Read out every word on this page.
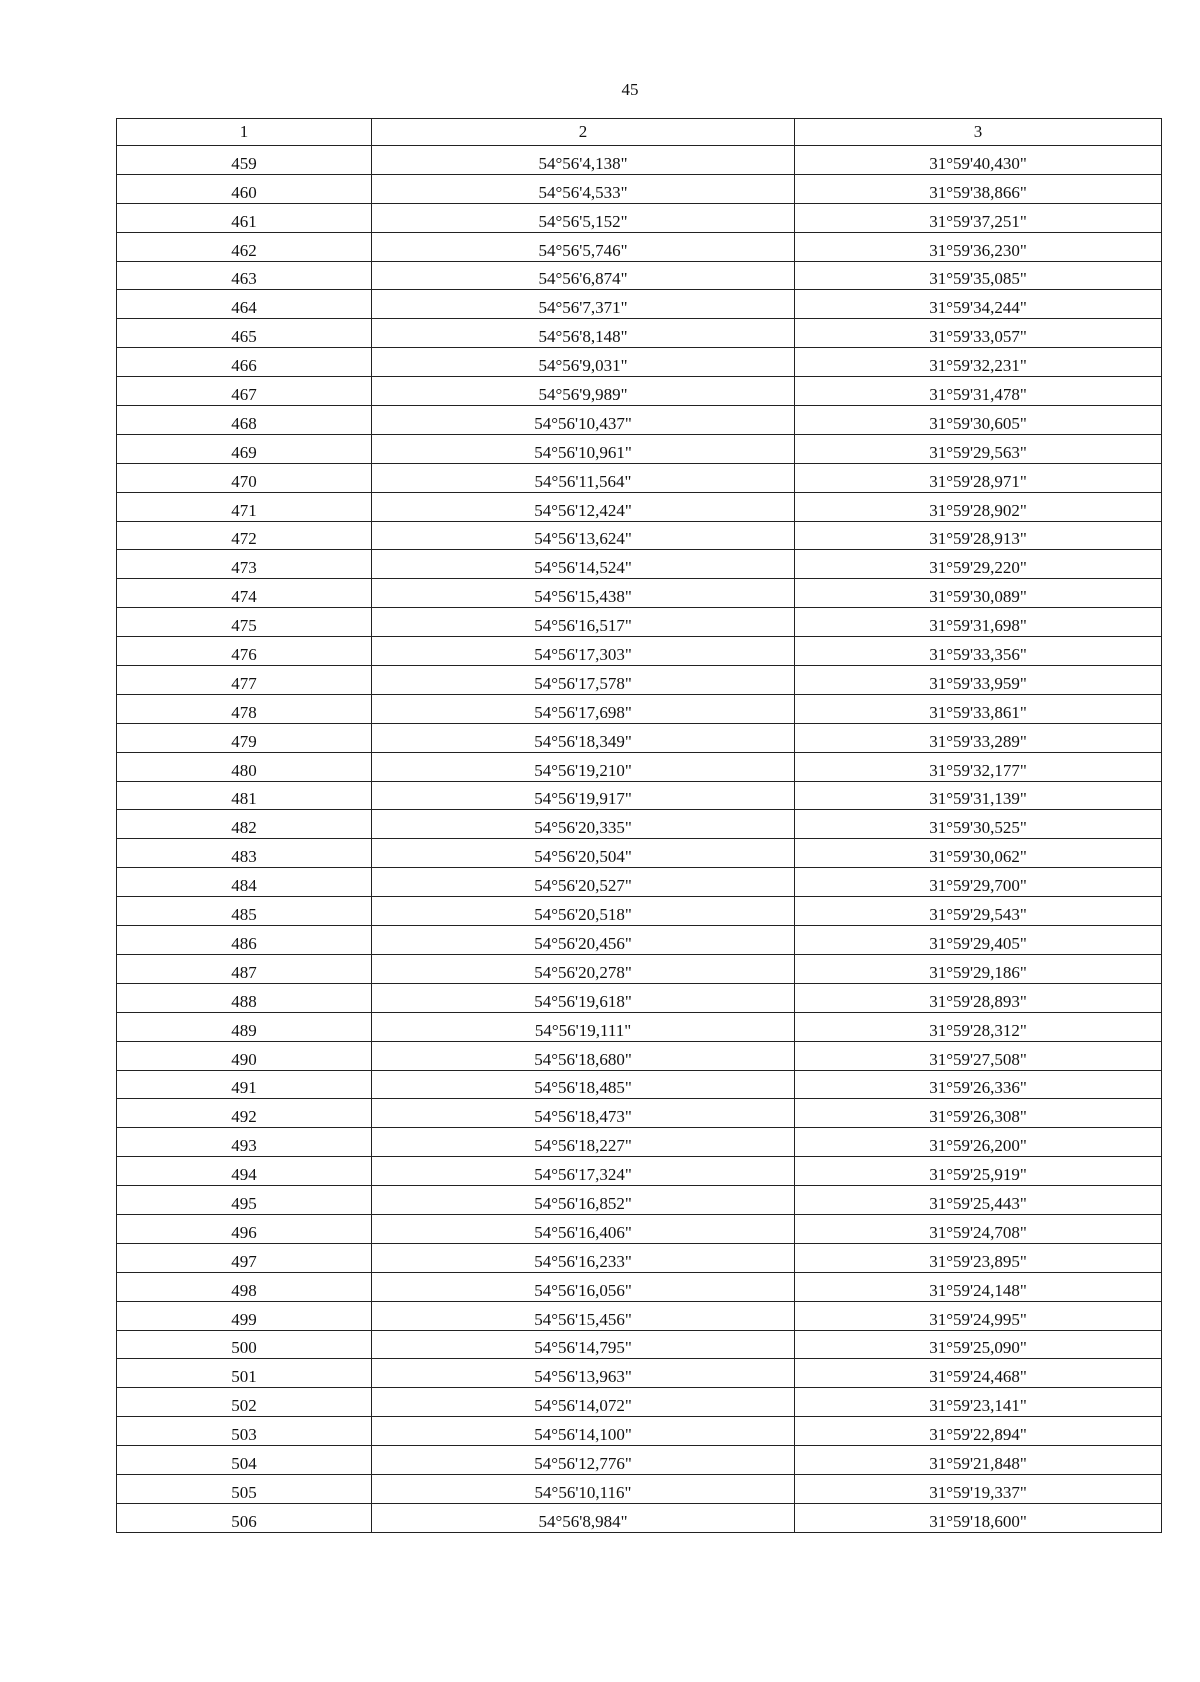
45
1	2	3
459	54°56'4,138"	31°59'40,430"
460	54°56'4,533"	31°59'38,866"
461	54°56'5,152"	31°59'37,251"
462	54°56'5,746"	31°59'36,230"
463	54°56'6,874"	31°59'35,085"
464	54°56'7,371"	31°59'34,244"
465	54°56'8,148"	31°59'33,057"
466	54°56'9,031"	31°59'32,231"
467	54°56'9,989"	31°59'31,478"
468	54°56'10,437"	31°59'30,605"
469	54°56'10,961"	31°59'29,563"
470	54°56'11,564"	31°59'28,971"
471	54°56'12,424"	31°59'28,902"
472	54°56'13,624"	31°59'28,913"
473	54°56'14,524"	31°59'29,220"
474	54°56'15,438"	31°59'30,089"
475	54°56'16,517"	31°59'31,698"
476	54°56'17,303"	31°59'33,356"
477	54°56'17,578"	31°59'33,959"
478	54°56'17,698"	31°59'33,861"
479	54°56'18,349"	31°59'33,289"
480	54°56'19,210"	31°59'32,177"
481	54°56'19,917"	31°59'31,139"
482	54°56'20,335"	31°59'30,525"
483	54°56'20,504"	31°59'30,062"
484	54°56'20,527"	31°59'29,700"
485	54°56'20,518"	31°59'29,543"
486	54°56'20,456"	31°59'29,405"
487	54°56'20,278"	31°59'29,186"
488	54°56'19,618"	31°59'28,893"
489	54°56'19,111"	31°59'28,312"
490	54°56'18,680"	31°59'27,508"
491	54°56'18,485"	31°59'26,336"
492	54°56'18,473"	31°59'26,308"
493	54°56'18,227"	31°59'26,200"
494	54°56'17,324"	31°59'25,919"
495	54°56'16,852"	31°59'25,443"
496	54°56'16,406"	31°59'24,708"
497	54°56'16,233"	31°59'23,895"
498	54°56'16,056"	31°59'24,148"
499	54°56'15,456"	31°59'24,995"
500	54°56'14,795"	31°59'25,090"
501	54°56'13,963"	31°59'24,468"
502	54°56'14,072"	31°59'23,141"
503	54°56'14,100"	31°59'22,894"
504	54°56'12,776"	31°59'21,848"
505	54°56'10,116"	31°59'19,337"
506	54°56'8,984"	31°59'18,600"
